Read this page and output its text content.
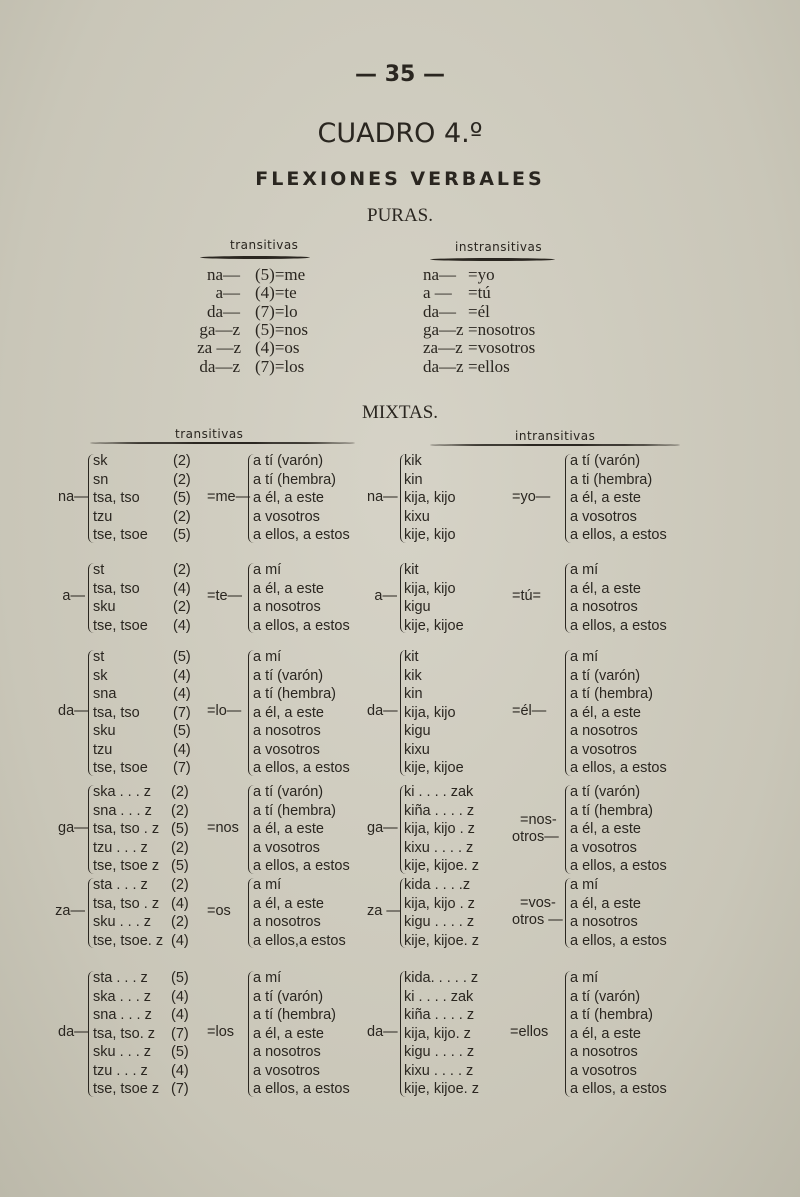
— 35 —
CUADRO 4.º
FLEXIONES VERBALES
PURAS.
transitivas	instransitivas
na—
a—
da—
ga—z
za —z
da—z
(5)=me
(4)=te
(7)=lo
(5)=nos
(4)=os
(7)=los
na—
a —
da—
ga—z
za—z
da—z
=yo
=tú
=él
=nosotros
=vosotros
=ellos
MIXTAS.
transitivas	intransitivas
na—
sk
sn
tsa, tso
tzu
tse, tsoe
(2)
(2)
(5)
(2)
(5)
=me—
a tí (varón)
a tí (hembra)
a él, a este
a vosotros
a ellos, a estos
na—
kik
kin
kija, kijo
kixu
kije, kijo
=yo—
a tí (varón)
a ti (hembra)
a él, a este
a vosotros
a ellos, a estos
a—
st
tsa, tso
sku
tse, tsoe
(2)
(4)
(2)
(4)
=te—
a mí
a él, a este
a nosotros
a ellos, a estos
a—
kit
kija, kijo
kigu
kije, kijoe
=tú=
a mí
a él, a este
a nosotros
a ellos, a estos
da—
st
sk
sna
tsa, tso
sku
tzu
tse, tsoe
(5)
(4)
(4)
(7)
(5)
(4)
(7)
=lo—
a mí
a tí (varón)
a tí (hembra)
a él, a este
a nosotros
a vosotros
a ellos, a estos
da—
kit
kik
kin
kija, kijo
kigu
kixu
kije, kijoe
=él—
a mí
a tí (varón)
a tí (hembra)
a él, a este
a nosotros
a vosotros
a ellos, a estos
ga—
ska . . . z
sna . . . z
tsa, tso . z
tzu . . . z
tse, tsoe z
(2)
(2)
(5)
(2)
(5)
=nos
a tí (varón)
a tí (hembra)
a él, a este
a vosotros
a ellos, a estos
ga—
ki . . . . zak
kiña . . . . z
kija, kijo . z
kixu . . . . z
kije, kijoe. z
=nos-
otros—
a tí (varón)
a tí (hembra)
a él, a este
a vosotros
a ellos, a estos
za—
sta . . . z
tsa, tso . z
sku . . . z
tse, tsoe. z
(2)
(4)
(2)
(4)
=os
a mí
a él, a este
a nosotros
a ellos,a estos
za —
kida . . . .z
kija, kijo . z
kigu . . . . z
kije, kijoe. z
=vos-
otros —
a mí
a él, a este
a nosotros
a ellos, a estos
da—
sta . . . z
ska . . . z
sna . . . z
tsa, tso. z
sku . . . z
tzu . . . z
tse, tsoe z
(5)
(4)
(4)
(7)
(5)
(4)
(7)
=los
a mí
a tí (varón)
a tí (hembra)
a él, a este
a nosotros
a vosotros
a ellos, a estos
da—
kida. . . . . z
ki . . . . zak
kiña . . . . z
kija, kijo. z
kigu . . . . z
kixu . . . . z
kije, kijoe. z
=ellos
a mí
a tí (varón)
a tí (hembra)
a él, a este
a nosotros
a vosotros
a ellos, a estos
